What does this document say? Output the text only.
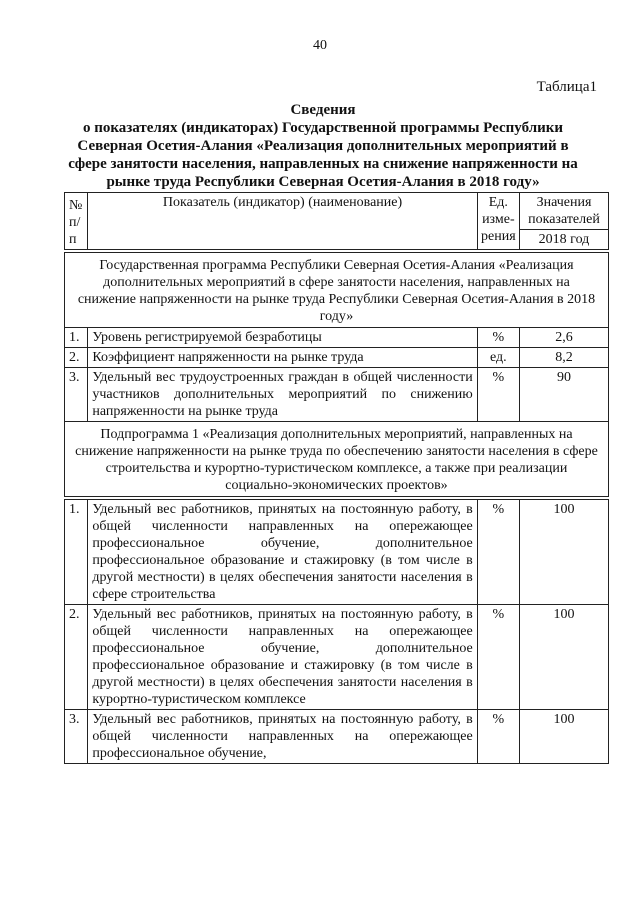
40
Таблица1
Сведения
о показателях (индикаторах) Государственной программы Республики Северная Осетия-Алания «Реализация дополнительных мероприятий в сфере занятости населения, направленных на снижение напряженности на рынке труда Республики Северная Осетия-Алания в 2018 году»
№ п/п	Показатель (индикатор) (наименование)	Ед. изме-рения	Значения показателей
			2018 год

Государственная программа Республики Северная Осетия-Алания «Реализация дополнительных мероприятий в сфере занятости населения, направленных на снижение напряженности на рынке труда Республики Северная Осетия-Алания в 2018 году»			
1.	Уровень регистрируемой безработицы	%	2,6
2.	Коэффициент напряженности на рынке труда	ед.	8,2
3.	Удельный вес трудоустроенных граждан в общей численности участников дополнительных мероприятий по снижению напряженности на рынке труда	%	90
Подпрограмма 1 «Реализация дополнительных мероприятий, направленных на снижение напряженности на рынке труда по обеспечению занятости населения в сфере строительства и курортно-туристическом комплексе, а также при реализации социально-экономических проектов»			

1.	Удельный вес работников, принятых на постоянную работу, в общей численности направленных на опережающее профессиональное обучение, дополнительное профессиональное образование и стажировку (в том числе в другой местности) в целях обеспечения занятости населения в сфере строительства	%	100
2.	Удельный вес работников, принятых на постоянную работу, в общей численности направленных на опережающее профессиональное обучение, дополнительное профессиональное образование и стажировку (в том числе в другой местности) в целях обеспечения занятости населения в курортно-туристическом комплексе	%	100
3.	Удельный вес работников, принятых на постоянную работу, в общей численности направленных на опережающее профессиональное обучение,	%	100
